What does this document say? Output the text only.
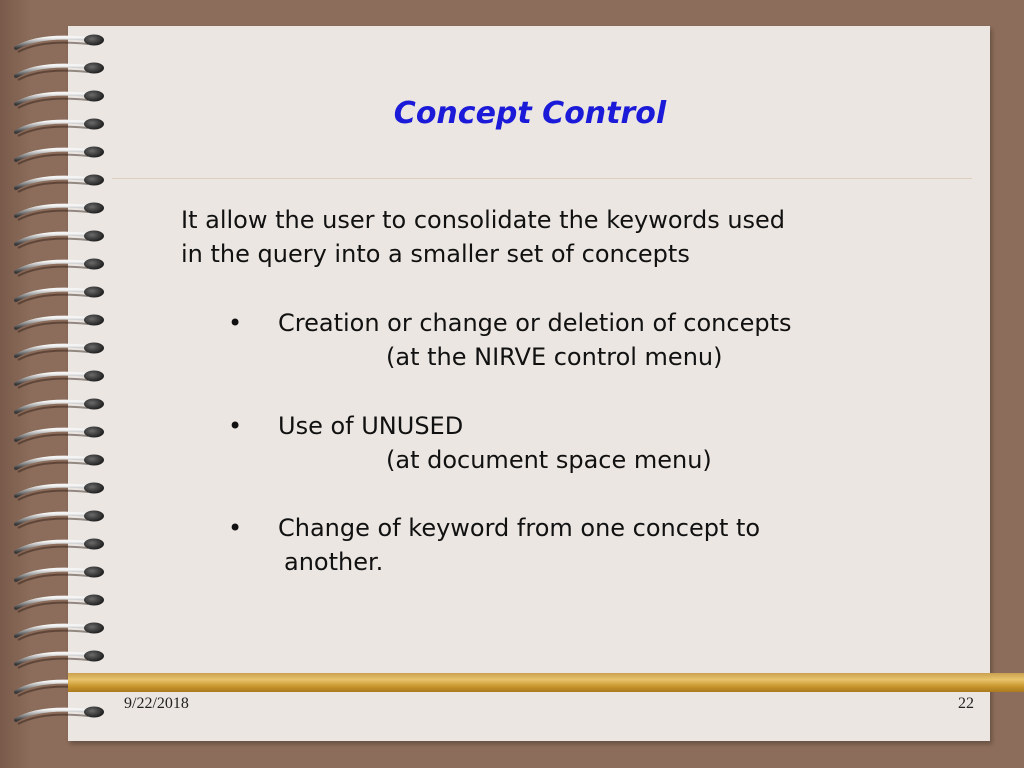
Concept Control
It allow the user to consolidate the keywords used
in the query into a smaller set of concepts
• Creation or change or deletion of concepts
(at the NIRVE control menu)
• Use of UNUSED
(at document space menu)
• Change of keyword from one concept to
another.
9/22/2018	22
